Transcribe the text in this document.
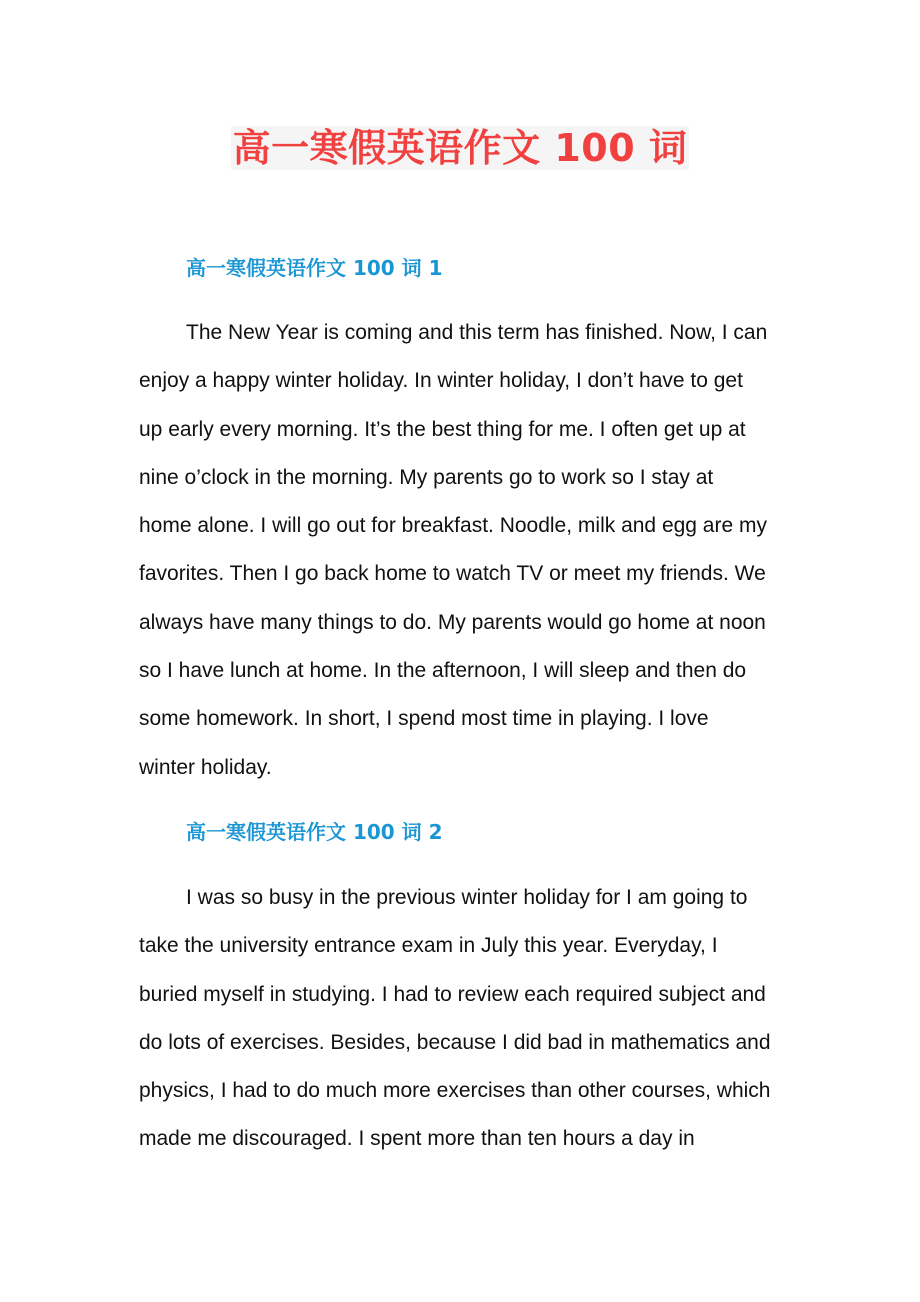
高一寒假英语作文 100 词
高一寒假英语作文 100 词 1

The New Year is coming and this term has finished. Now, I can
enjoy a happy winter holiday. In winter holiday, I don’t have to get
up early every morning. It’s the best thing for me. I often get up at
nine o’clock in the morning. My parents go to work so I stay at
home alone. I will go out for breakfast. Noodle, milk and egg are my
favorites. Then I go back home to watch TV or meet my friends. We
always have many things to do. My parents would go home at noon
so I have lunch at home. In the afternoon, I will sleep and then do
some homework. In short, I spend most time in playing. I love
winter holiday.

高一寒假英语作文 100 词 2

I was so busy in the previous winter holiday for I am going to
take the university entrance exam in July this year. Everyday, I
buried myself in studying. I had to review each required subject and
do lots of exercises. Besides, because I did bad in mathematics and
physics, I had to do much more exercises than other courses, which
made me discouraged. I spent more than ten hours a day in
